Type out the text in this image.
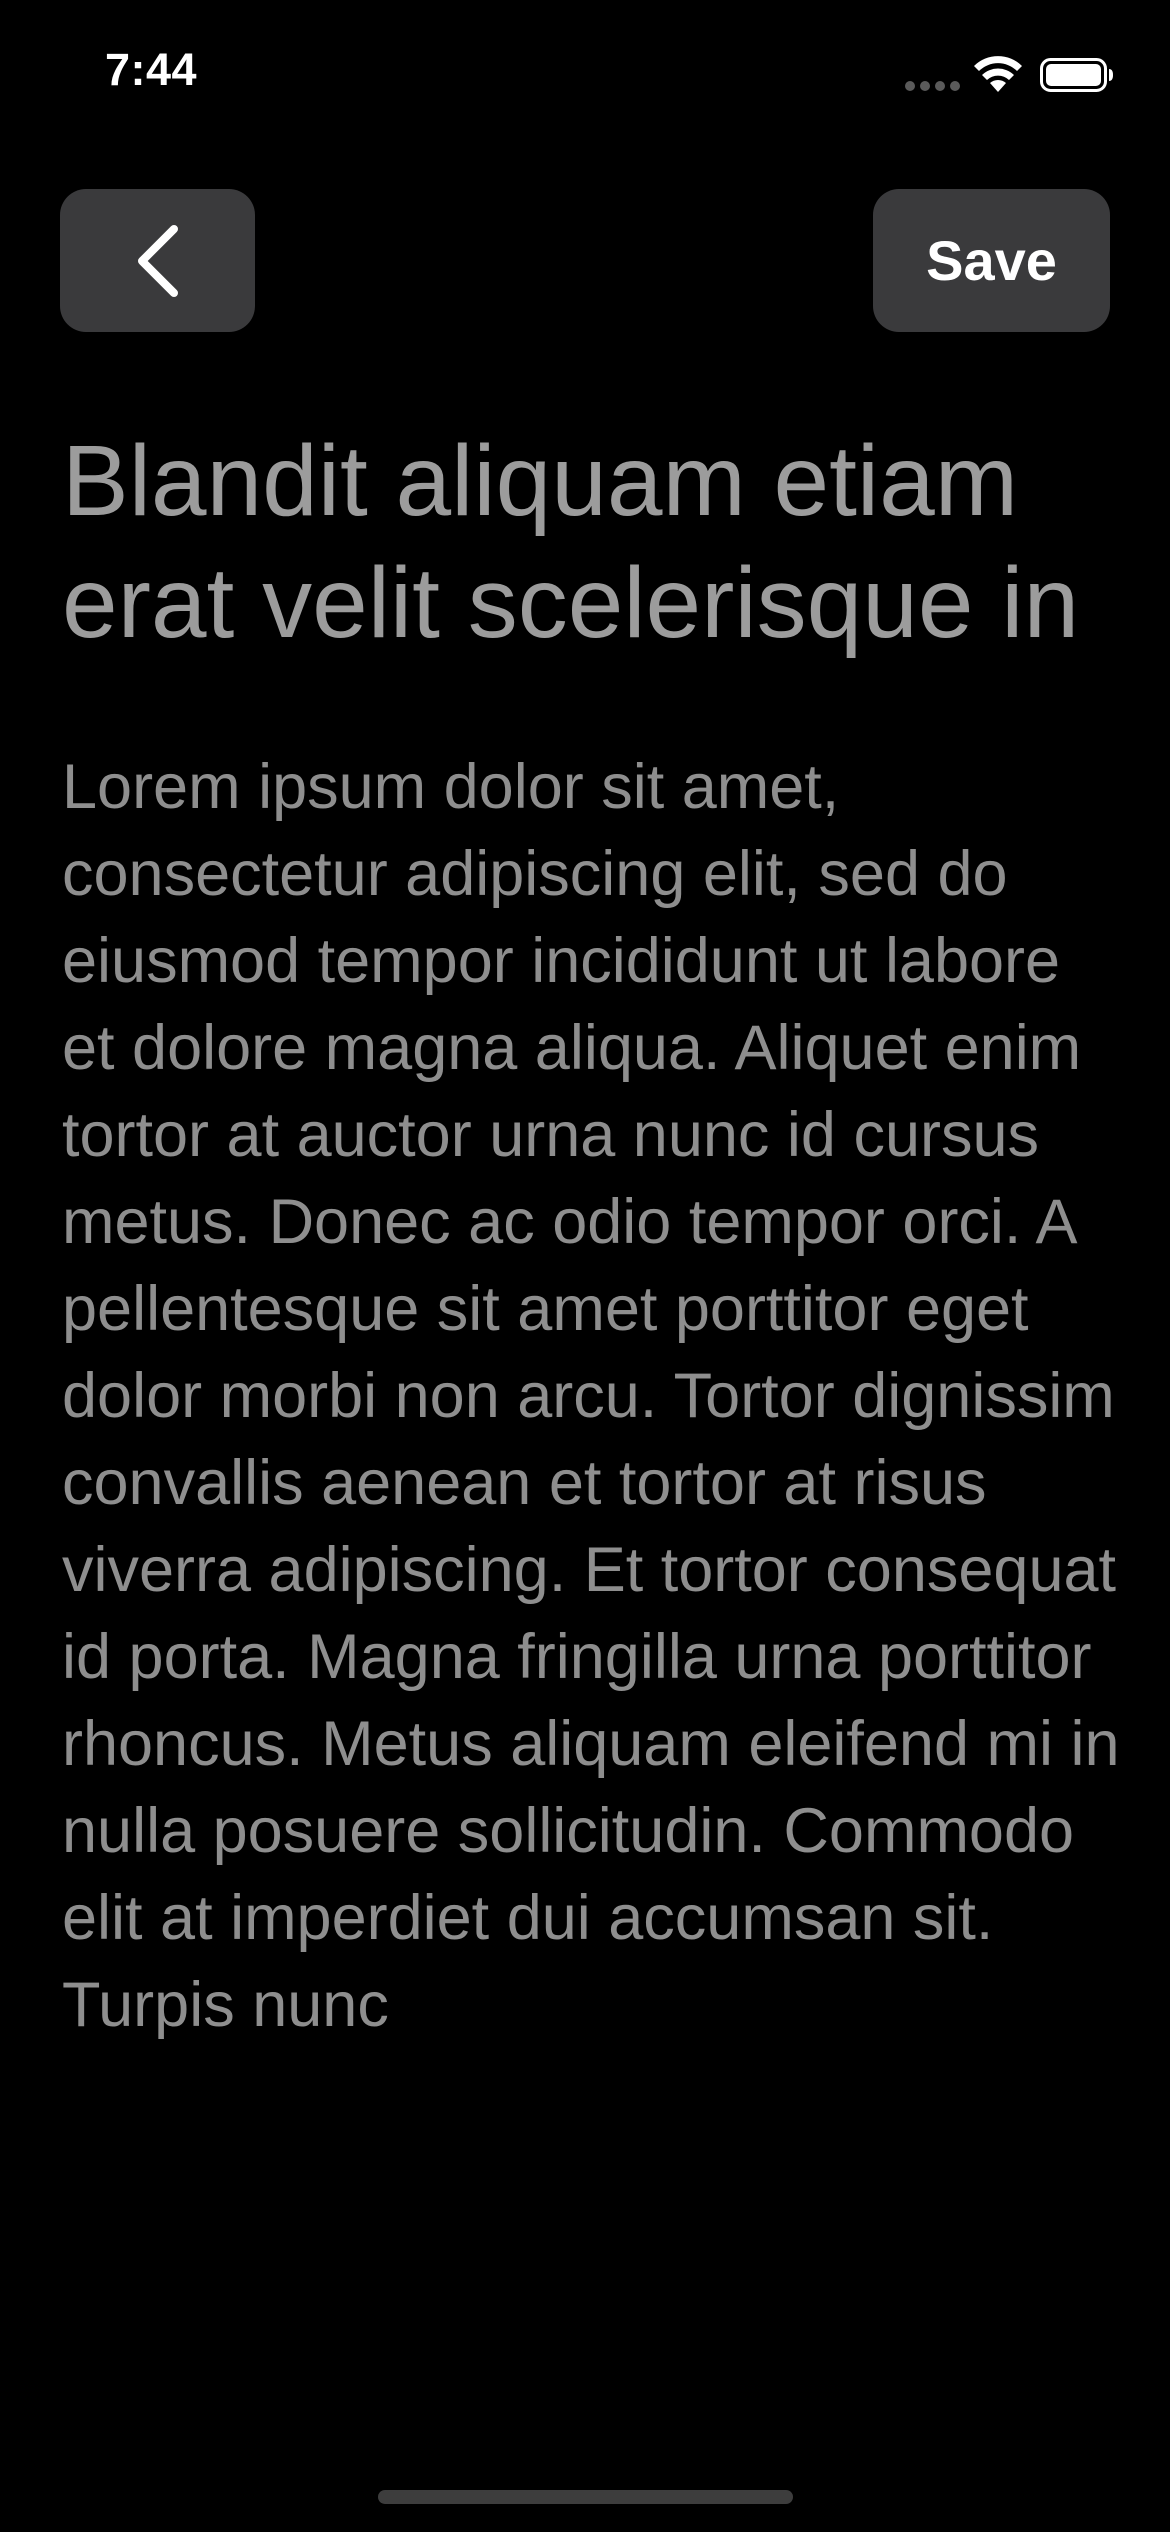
7:44
Save
Blandit aliquam etiam erat velit scelerisque in

Lorem ipsum dolor sit amet, consectetur adipiscing elit, sed do eiusmod tempor incididunt ut labore et dolore magna aliqua. Aliquet enim tortor at auctor urna nunc id cursus metus. Donec ac odio tempor orci. A pellentesque sit amet porttitor eget dolor morbi non arcu. Tortor dignissim convallis aenean et tortor at risus viverra adipiscing. Et tortor consequat id porta. Magna fringilla urna porttitor rhoncus. Metus aliquam eleifend mi in nulla posuere sollicitudin. Commodo elit at imperdiet dui accumsan sit. Turpis nunc
